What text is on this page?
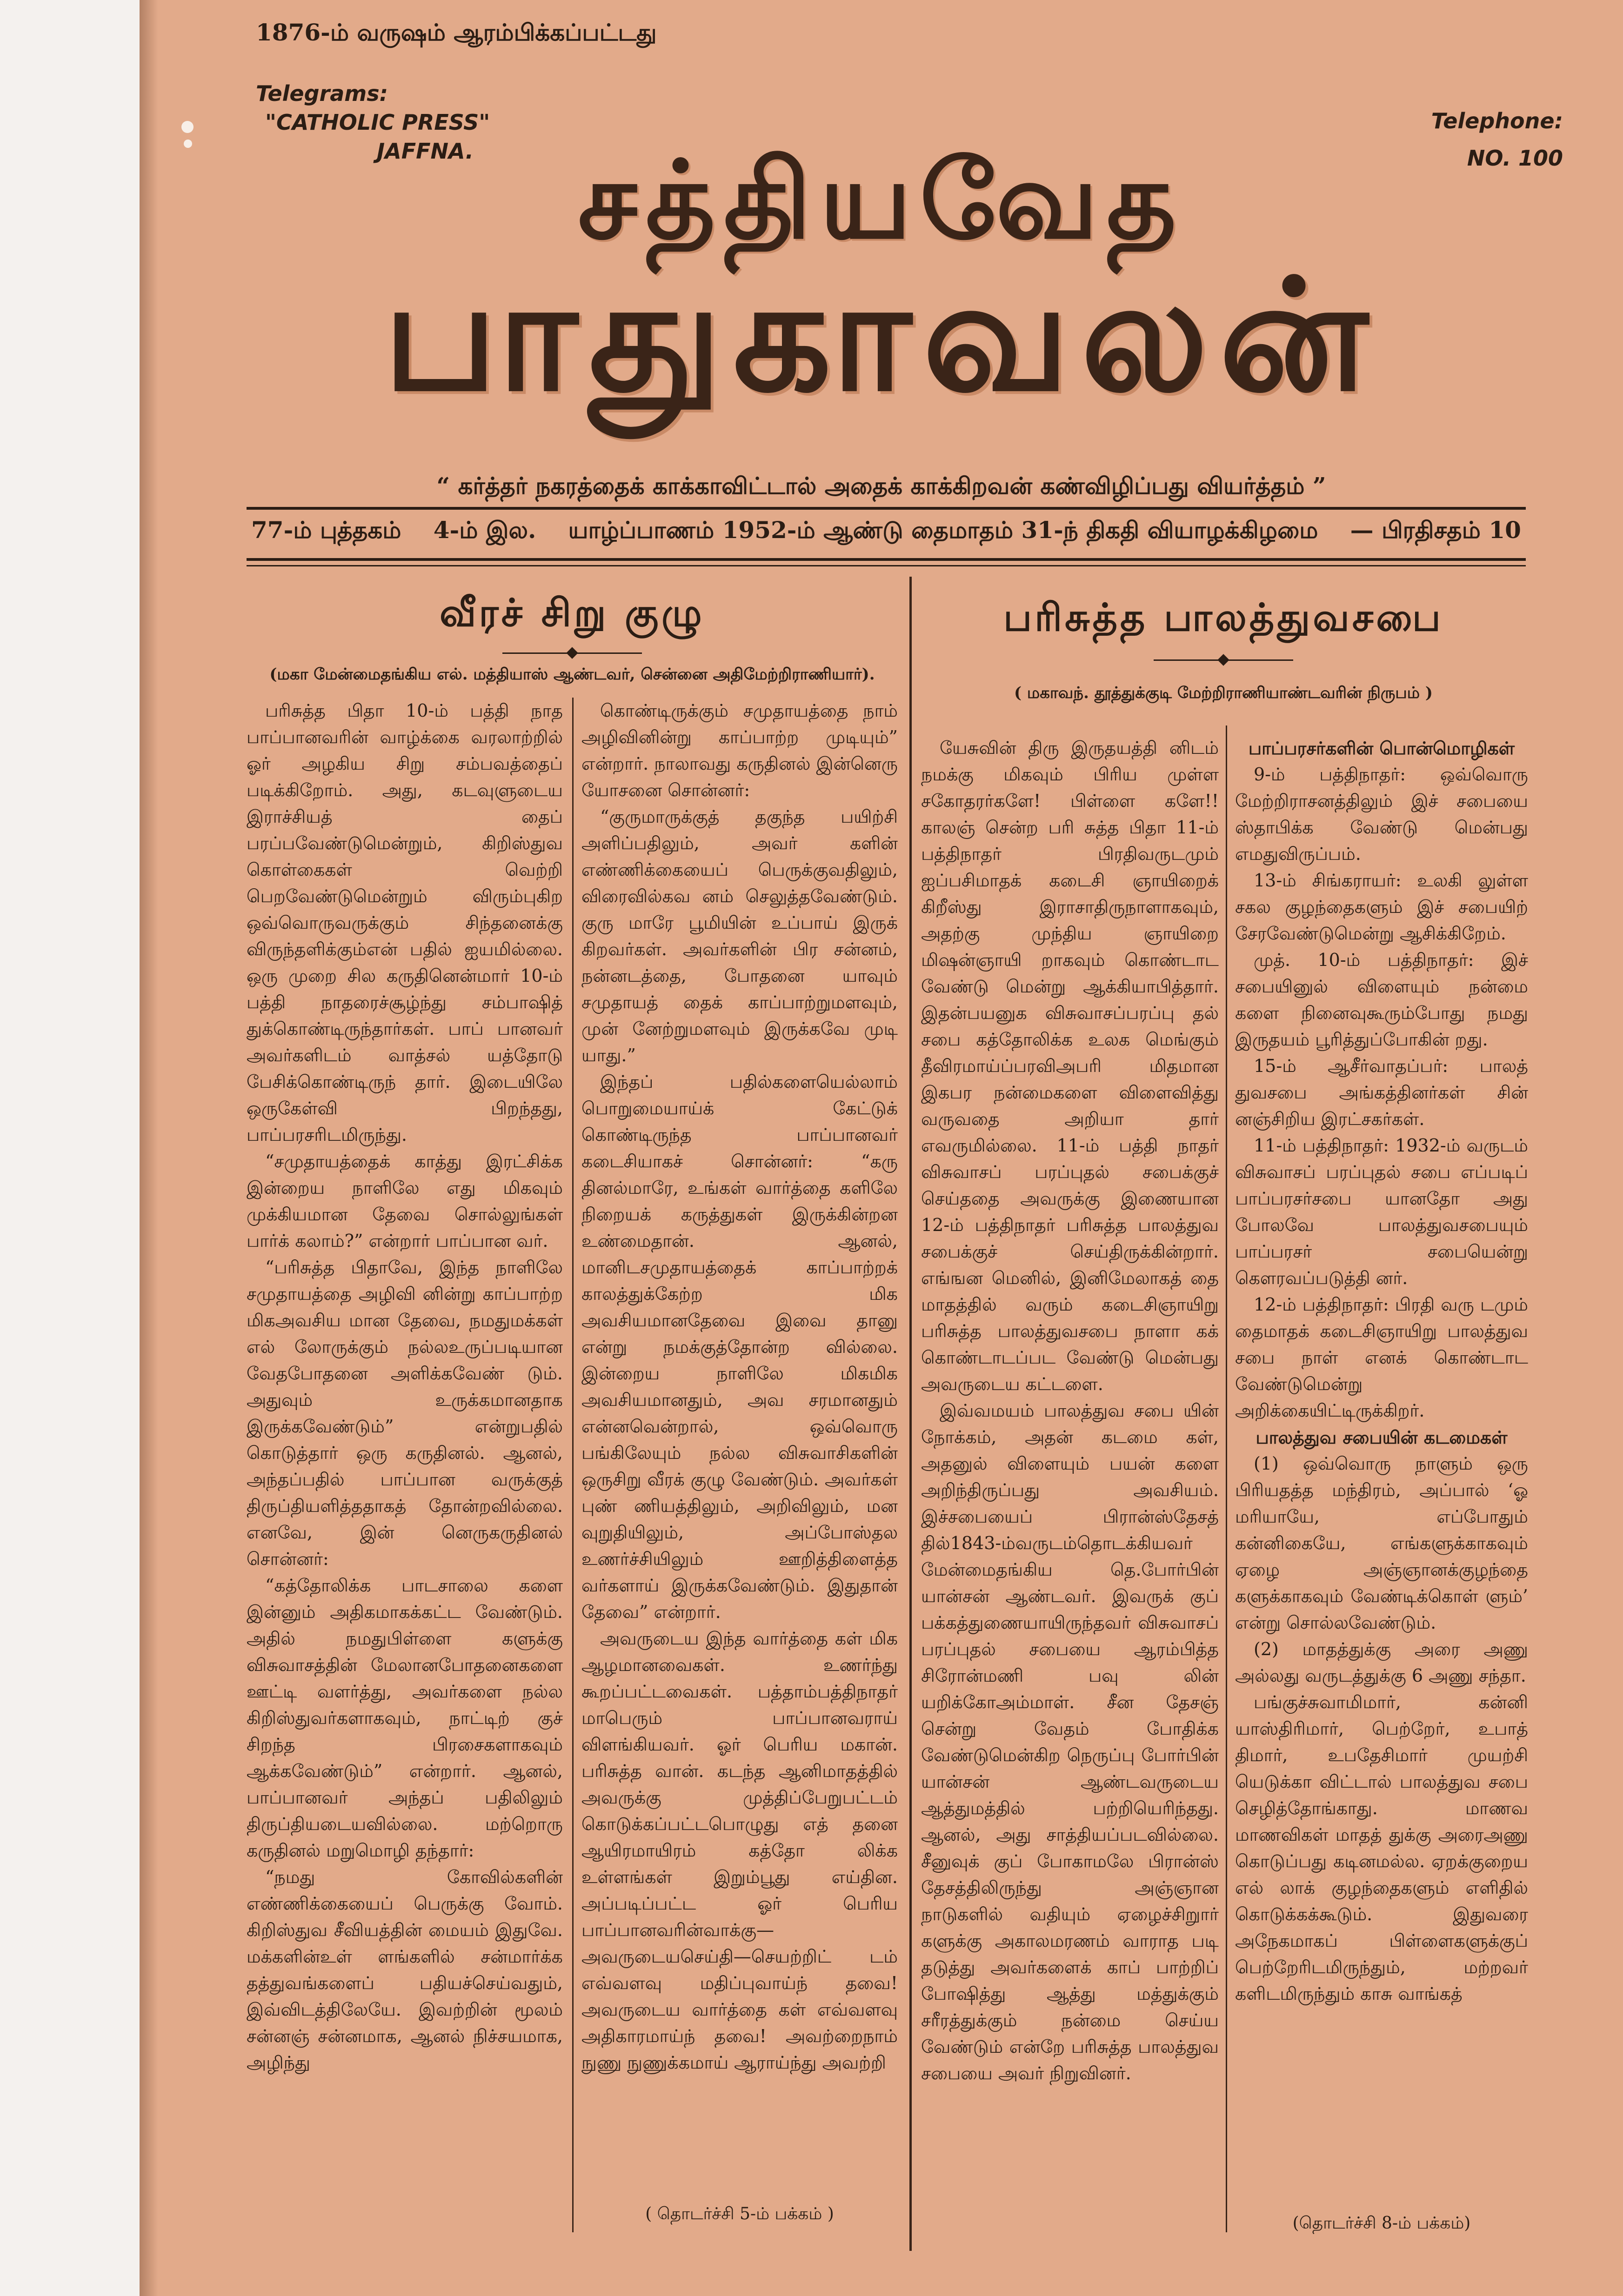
1876-ம் வருஷம் ஆரம்பிக்கப்பட்டது
Telegrams:
"CATHOLIC PRESS"
JAFFNA.
Telephone:
NO. 100
சத்தியவேத
பாதுகாவலன்
“ கர்த்தர் நகரத்தைக் காக்காவிட்டால் அதைக் காக்கிறவன் கண்விழிப்பது வியர்த்தம் ”
77-ம் புத்தகம் 4-ம் இல. யாழ்ப்பாணம் 1952-ம் ஆண்டு தைமாதம் 31-ந் திகதி வியாழக்கிழமை — பிரதிசதம் 10
வீரச் சிறு குழு
(மகா மேன்மைதங்கிய எல். மத்தியாஸ் ஆண்டவர், சென்னை அதிமேற்றிராணியார்).

பரிசுத்த பிதா 10-ம் பத்தி நாத பாப்பானவரின் வாழ்க்கை வரலாற்றில் ஓர் அழகிய சிறு சம்பவத்தைப் படிக்கிறோம். அது, கடவுளுடைய இராச்சியத் தைப் பரப்பவேண்டுமென்றும், கிறிஸ்துவ கொள்கைகள் வெற்றி பெறவேண்டுமென்றும் விரும்புகிற ஒவ்வொருவருக்கும் சிந்தனைக்கு விருந்தளிக்கும்என் பதில் ஐயமில்லை. ஒரு முறை சில கருதினென்மார் 10-ம் பத்தி நாதரைச்சூழ்ந்து சம்பாஷித் துக்கொண்டிருந்தார்கள். பாப் பானவர் அவர்களிடம் வாத்சல் யத்தோடு பேசிக்கொண்டிருந் தார். இடையிலே ஒருகேள்வி பிறந்தது, பாப்பரசரிடமிருந்து.

“சமுதாயத்தைக் காத்து இரட்சிக்க இன்றைய நாளிலே எது மிகவும் முக்கியமான தேவை சொல்லுங்கள் பார்க் கலாம்?” என்றார் பாப்பான வர்.

“பரிசுத்த பிதாவே, இந்த நாளிலே சமுதாயத்தை அழிவி னின்று காப்பாற்ற மிகஅவசிய மான தேவை, நமதுமக்கள் எல் லோருக்கும் நல்லஉருப்படியான வேதபோதனை அளிக்கவேண் டும். அதுவும் உருக்கமானதாக இருக்கவேண்டும்” என்றுபதில் கொடுத்தார் ஒரு கருதினல். ஆனல், அந்தப்பதில் பாப்பான வருக்குத் திருப்தியளித்ததாகத் தோன்றவில்லை. எனவே, இன் னெருகருதினல் சொன்னர்:

“கத்தோலிக்க பாடசாலை களை இன்னும் அதிகமாகக்கட்ட வேண்டும். அதில் நமதுபிள்ளை களுக்கு விசுவாசத்தின் மேலானபோதனைகளை ஊட்டி வளர்த்து, அவர்களை நல்ல கிறிஸ்துவர்களாகவும், நாட்டிற் குச் சிறந்த பிரசைகளாகவும் ஆக்கவேண்டும்” என்றார். ஆனல், பாப்பானவர் அந்தப் பதிலிலும் திருப்தியடையவில்லை. மற்றொரு கருதினல் மறுமொழி தந்தார்:

“நமது கோவில்களின் எண்ணிக்கையைப் பெருக்கு வோம். கிறிஸ்துவ சீவியத்தின் மையம் இதுவே. மக்களின்உள் ளங்களில் சன்மார்க்க தத்துவங்களைப் பதியச்செய்வதும், இவ்விடத்திலேயே. இவற்றின் மூலம் சன்னஞ் சன்னமாக, ஆனல் நிச்சயமாக, அழிந்து

கொண்டிருக்கும் சமுதாயத்தை நாம் அழிவினின்று காப்பாற்ற முடியும்” என்றார். நாலாவது கருதினல் இன்னெரு யோசனை சொன்னர்:

“குருமாருக்குத் தகுந்த பயிற்சி அளிப்பதிலும், அவர் களின் எண்ணிக்கையைப் பெருக்குவதிலும், விரைவில்கவ னம் செலுத்தவேண்டும். குரு மாரே பூமியின் உப்பாய் இருக் கிறவர்கள். அவர்களின் பிர சன்னம், நன்னடத்தை, போதனை யாவும் சமுதாயத் தைக் காப்பாற்றுமளவும், முன் னேற்றுமளவும் இருக்கவே முடி யாது.”

இந்தப் பதில்களையெல்லாம் பொறுமையாய்க் கேட்டுக் கொண்டிருந்த பாப்பானவர் கடைசியாகச் சொன்னர்: “கரு தினல்மாரே, உங்கள் வார்த்தை களிலே நிறையக் கருத்துகள் இருக்கின்றன உண்மைதான். ஆனல், மானிடசமுதாயத்தைக் காப்பாற்றக் காலத்துக்கேற்ற மிக அவசியமானதேவை இவை தானு என்று நமக்குத்தோன்ற வில்லை. இன்றைய நாளிலே மிகமிக அவசியமானதும், அவ சரமானதும் என்னவென்றால், ஒவ்வொரு பங்கிலேயும் நல்ல விசுவாசிகளின் ஒருசிறு வீரக் குழு வேண்டும். அவர்கள் புண் ணியத்திலும், அறிவிலும், மன வுறுதியிலும், அப்போஸ்தல உணர்ச்சியிலும் ஊறித்திளைத்த வர்களாய் இருக்கவேண்டும். இதுதான் தேவை” என்றார்.

அவருடைய இந்த வார்த்தை கள் மிக ஆழமானவைகள். உணர்ந்து கூறப்பட்டவைகள். பத்தாம்பத்திநாதர் மாபெரும் பாப்பானவராய் விளங்கியவர். ஓர் பெரிய மகான். பரிசுத்த வான். கடந்த ஆனிமாதத்தில் அவருக்கு முத்திப்பேறுபட்டம் கொடுக்கப்பட்டபொழுது எத் தனை ஆயிரமாயிரம் கத்தோ லிக்க உள்ளங்கள் இறும்பூது எய்தின. அப்படிப்பட்ட ஓர் பெரிய பாப்பானவரின்வாக்கு—அவருடையசெய்தி—செயற்றிட் டம் எவ்வளவு மதிப்புவாய்ந் தவை! அவருடைய வார்த்தை கள் எவ்வளவு அதிகாரமாய்ந் தவை! அவற்றைநாம் நுணு நுணுக்கமாய் ஆராய்ந்து அவற்றி

( தொடர்ச்சி 5-ம் பக்கம் )
பரிசுத்த பாலத்துவசபை
( மகாவந். தூத்துக்குடி மேற்றிராணியாண்டவரின் நிருபம் )

யேசுவின் திரு இருதயத்தி னிடம் நமக்கு மிகவும் பிரிய முள்ள சகோதரர்களே! பிள்ளை களே!! காலஞ் சென்ற பரி சுத்த பிதா 11-ம் பத்திநாதர் பிரதிவருடமும் ஐப்பசிமாதக் கடைசி ஞாயிறைக் கிறீஸ்து இராசாதிருநாளாகவும், அதற்கு முந்திய ஞாயிறை மிஷன்ஞாயி றாகவும் கொண்டாட வேண்டு மென்று ஆக்கியாபித்தார். இதன்பயனுக விசுவாசப்பரப்பு தல் சபை கத்தோலிக்க உலக மெங்கும் தீவிரமாய்ப்பரவிஅபரி மிதமான இகபர நன்மைகளை விளைவித்து வருவதை அறியா தார் எவருமில்லை. 11-ம் பத்தி நாதர் விசுவாசப் பரப்புதல் சபைக்குச் செய்ததை அவருக்கு இணையான 12-ம் பத்திநாதர் பரிசுத்த பாலத்துவ சபைக்குச் செய்திருக்கின்றார். எங்ஙன மெனில், இனிமேலாகத் தை மாதத்தில் வரும் கடைசிஞாயிறு பரிசுத்த பாலத்துவசபை நாளா கக் கொண்டாடப்பட வேண்டு மென்பது அவருடைய கட்டளை.

இவ்வமயம் பாலத்துவ சபை யின் நோக்கம், அதன் கடமை கள், அதனுல் விளையும் பயன் களை அறிந்திருப்பது அவசியம். இச்சபையைப் பிரான்ஸ்தேசத் தில்1843-ம்வருடம்தொடக்கியவர் மேன்மைதங்கிய தெ.போர்பின் யான்சன் ஆண்டவர். இவருக் குப் பக்கத்துணையாயிருந்தவர் விசுவாசப் பரப்புதல் சபையை ஆரம்பித்த சிரோன்மணி பவு லின் யறிக்கோஅம்மாள். சீன தேசஞ் சென்று வேதம் போதிக்க வேண்டுமென்கிற நெருப்பு போர்பின் யான்சன் ஆண்டவருடைய ஆத்துமத்தில் பற்றியெரிந்தது. ஆனல், அது சாத்தியப்படவில்லை. சீனுவுக் குப் போகாமலே பிரான்ஸ் தேசத்திலிருந்து அஞ்ஞான நாடுகளில் வதியும் ஏழைச்சிறுார் களுக்கு அகாலமரணம் வாராத படி தடுத்து அவர்களைக் காப் பாற்றிப் போஷித்து ஆத்து மத்துக்கும் சரீரத்துக்கும் நன்மை செய்ய வேண்டும் என்றே பரிசுத்த பாலத்துவ சபையை அவர் நிறுவினர்.

பாப்பரசர்களின் பொன்மொழிகள்

9-ம் பத்திநாதர்: ஒவ்வொரு மேற்றிராசனத்திலும் இச் சபையை ஸ்தாபிக்க வேண்டு மென்பது எமதுவிருப்பம்.

13-ம் சிங்கராயர்: உலகி லுள்ள சகல குழந்தைகளும் இச் சபையிற் சேரவேண்டுமென்று ஆசிக்கிறேம்.

முத். 10-ம் பத்திநாதர்: இச் சபையினுல் விளையும் நன்மை களை நினைவுகூரும்போது நமது இருதயம் பூரித்துப்போகின் றது.

15-ம் ஆசீர்வாதப்பர்: பாலத் துவசபை அங்கத்தினர்கள் சின் னஞ்சிறிய இரட்சகர்கள்.

11-ம் பத்திநாதர்: 1932-ம் வருடம் விசுவாசப் பரப்புதல் சபை எப்படிப் பாப்பரசர்சபை யானதோ அது போலவே பாலத்துவசபையும் பாப்பரசர் சபையென்று கௌரவப்படுத்தி னர்.

12-ம் பத்திநாதர்: பிரதி வரு டமும் தைமாதக் கடைசிஞாயிறு பாலத்துவ சபை நாள் எனக் கொண்டாட வேண்டுமென்று அறிக்கையிட்டிருக்கிறர்.

பாலத்துவ சபையின் கடமைகள்

(1) ஒவ்வொரு நாளும் ஒரு பிரியதத்த மந்திரம், அப்பால் ‘ஓ மரியாயே, எப்போதும் கன்னிகையே, எங்களுக்காகவும் ஏழை அஞ்ஞானக்குழந்தை களுக்காகவும் வேண்டிக்கொள் ளும்’ என்று சொல்லவேண்டும்.

(2) மாதத்துக்கு அரை அணு அல்லது வருடத்துக்கு 6 அணு சந்தா.

பங்குச்சுவாமிமார், கன்னி யாஸ்திரிமார், பெற்றேர், உபாத் திமார், உபதேசிமார் முயற்சி யெடுக்கா விட்டால் பாலத்துவ சபை செழித்தோங்காது. மாணவ மாணவிகள் மாதத் துக்கு அரைஅணு கொடுப்பது கடினமல்ல. ஏறக்குறைய எல் லாக் குழந்தைகளும் எளிதில் கொடுக்கக்கூடும். இதுவரை அநேகமாகப் பிள்ளைகளுக்குப் பெற்றேரிடமிருந்தும், மற்றவர் களிடமிருந்தும் காசு வாங்கத்

(தொடர்ச்சி 8-ம் பக்கம்)
